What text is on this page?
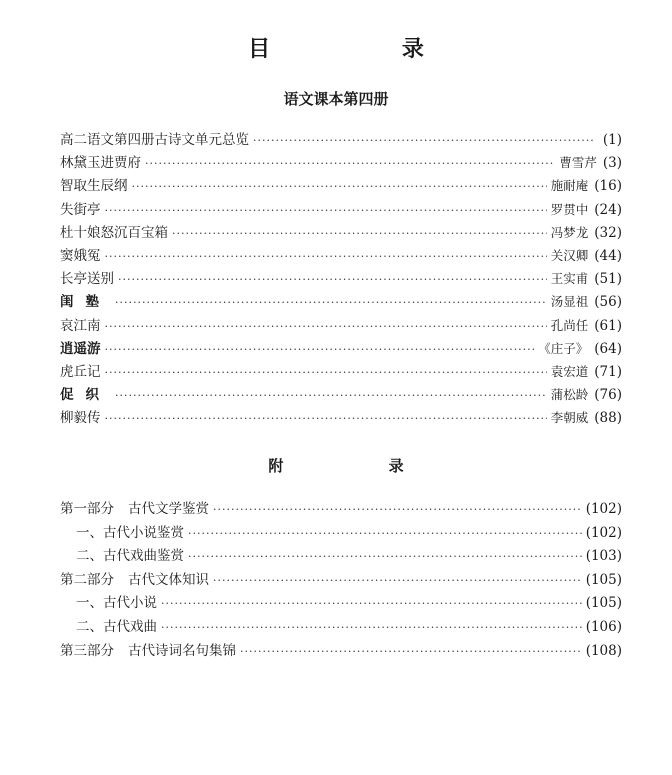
目 录
语文课本第四册
高二语文第四册古诗文单元总览 ·····	(1)
林黛玉进贾府 ·····	曹雪芹 (3)
智取生辰纲 ·····	施耐庵 (16)
失街亭 ·····	罗贯中 (24)
杜十娘怒沉百宝箱 ·····	冯梦龙 (32)
窦娥冤 ·····	关汉卿 (44)
长亭送别 ·····	王实甫 (51)
闺塾 ·····	汤显祖 (56)
哀江南 ·····	孔尚任 (61)
逍遥游 ·····	《庄子》 (64)
虎丘记 ·····	袁宏道 (71)
促织 ·····	蒲松龄 (76)
柳毅传 ·····	李朝威 (88)
附 录
第一部分 古代文学鉴赏 ·····	(102)
一、古代小说鉴赏 ·····	(102)
二、古代戏曲鉴赏 ·····	(103)
第二部分 古代文体知识 ·····	(105)
一、古代小说 ·····	(105)
二、古代戏曲 ·····	(106)
第三部分 古代诗词名句集锦 ·····	(108)
